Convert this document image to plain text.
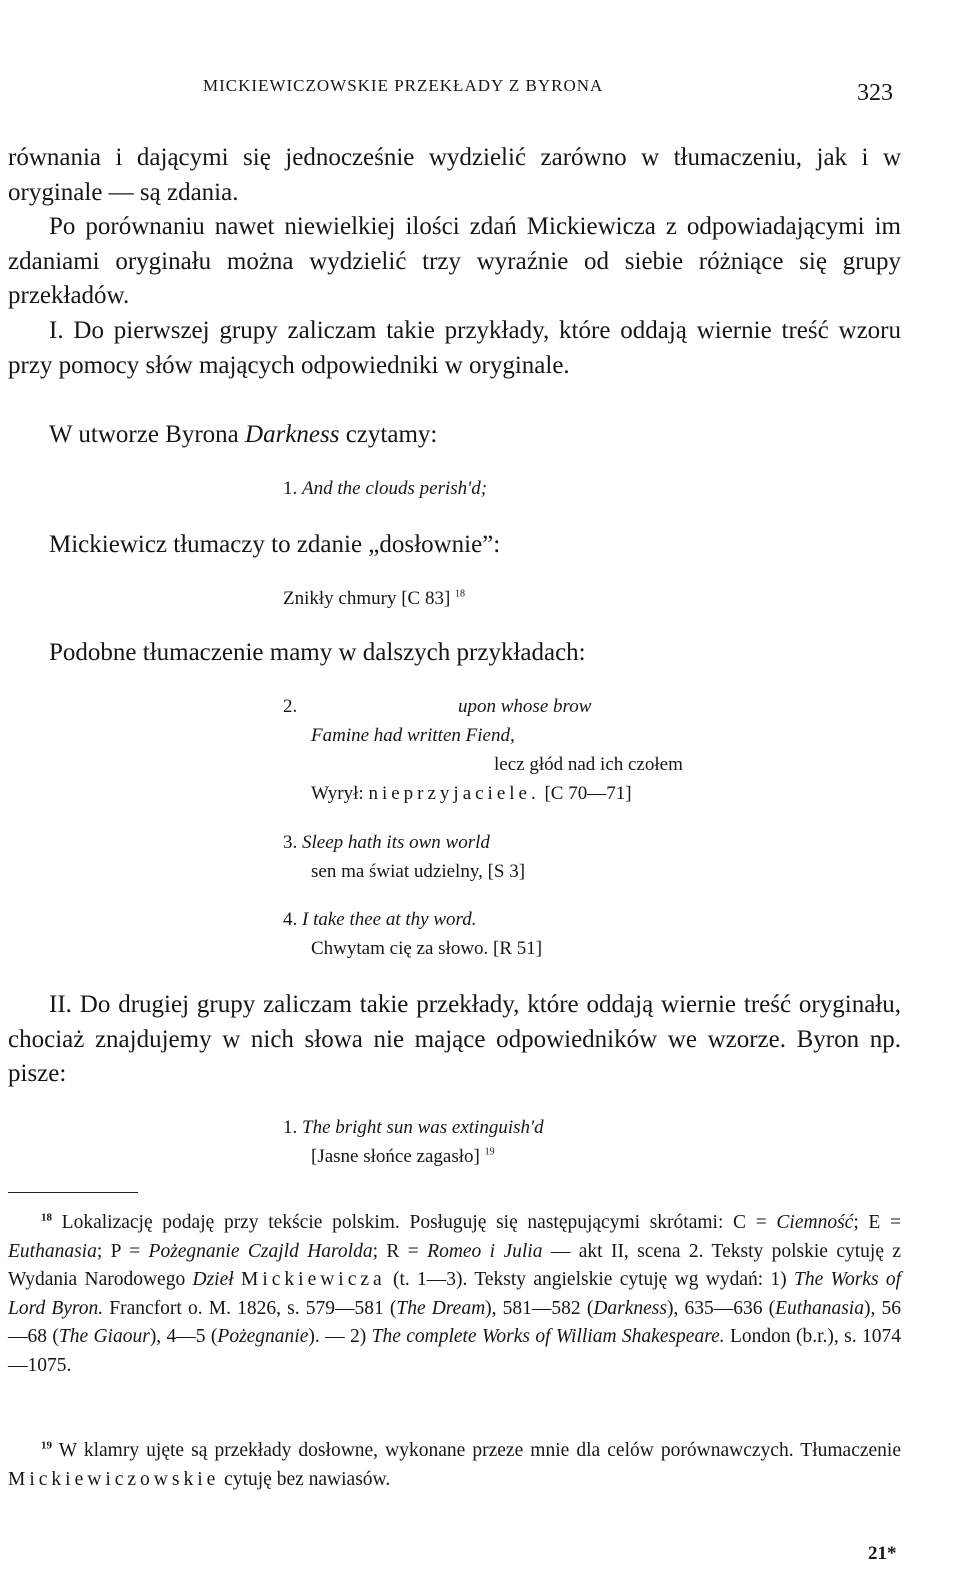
MICKIEWICZOWSKIE PRZEKŁADY Z BYRONA	323

równania i dającymi się jednocześnie wydzielić zarówno w tłumaczeniu, jak i w oryginale — są zdania.

Po porównaniu nawet niewielkiej ilości zdań Mickiewicza z odpowiadającymi im zdaniami oryginału można wydzielić trzy wyraźnie od siebie różniące się grupy przekładów.

I. Do pierwszej grupy zaliczam takie przykłady, które oddają wiernie treść wzoru przy pomocy słów mających odpowiedniki w oryginale.

W utworze Byrona Darkness czytamy:

1. And the clouds perish'd;

Mickiewicz tłumaczy to zdanie „dosłownie”:

Znikły chmury [C 83] $^{18}$

Podobne tłumaczenie mamy w dalszych przykładach:

2.	upon whose brow
Famine had written Fiend,
lecz głód nad ich czołem
Wyrył: nieprzyjaciele. [C 70—71]
3. Sleep hath its own world
sen ma świat udzielny, [S 3]
4. I take thee at thy word.
Chwytam cię za słowo. [R 51]

II. Do drugiej grupy zaliczam takie przekłady, które oddają wiernie treść oryginału, chociaż znajdujemy w nich słowa nie mające odpowiedników we wzorze. Byron np. pisze:

1. The bright sun was extinguish'd
[Jasne słońce zagasło] $^{19}$

$^{18}$ Lokalizację podaję przy tekście polskim. Posługuję się następującymi skrótami: C = Ciemność; E = Euthanasia; P = Pożegnanie Czajld Harolda; R = Romeo i Julia — akt II, scena 2. Teksty polskie cytuję z Wydania Narodowego Dzieł Mickiewicza (t. 1—3). Teksty angielskie cytuję wg wydań: 1) The Works of Lord Byron. Francfort o. M. 1826, s. 579—581 (The Dream), 581—582 (Darkness), 635—636 (Euthanasia), 56—68 (The Giaour), 4—5 (Pożegnanie). — 2) The complete Works of William Shakespeare. London (b.r.), s. 1074—1075.

$^{19}$ W klamry ujęte są przekłady dosłowne, wykonane przeze mnie dla celów porównawczych. Tłumaczenie Mickiewiczowskie cytuję bez nawiasów.

21*
